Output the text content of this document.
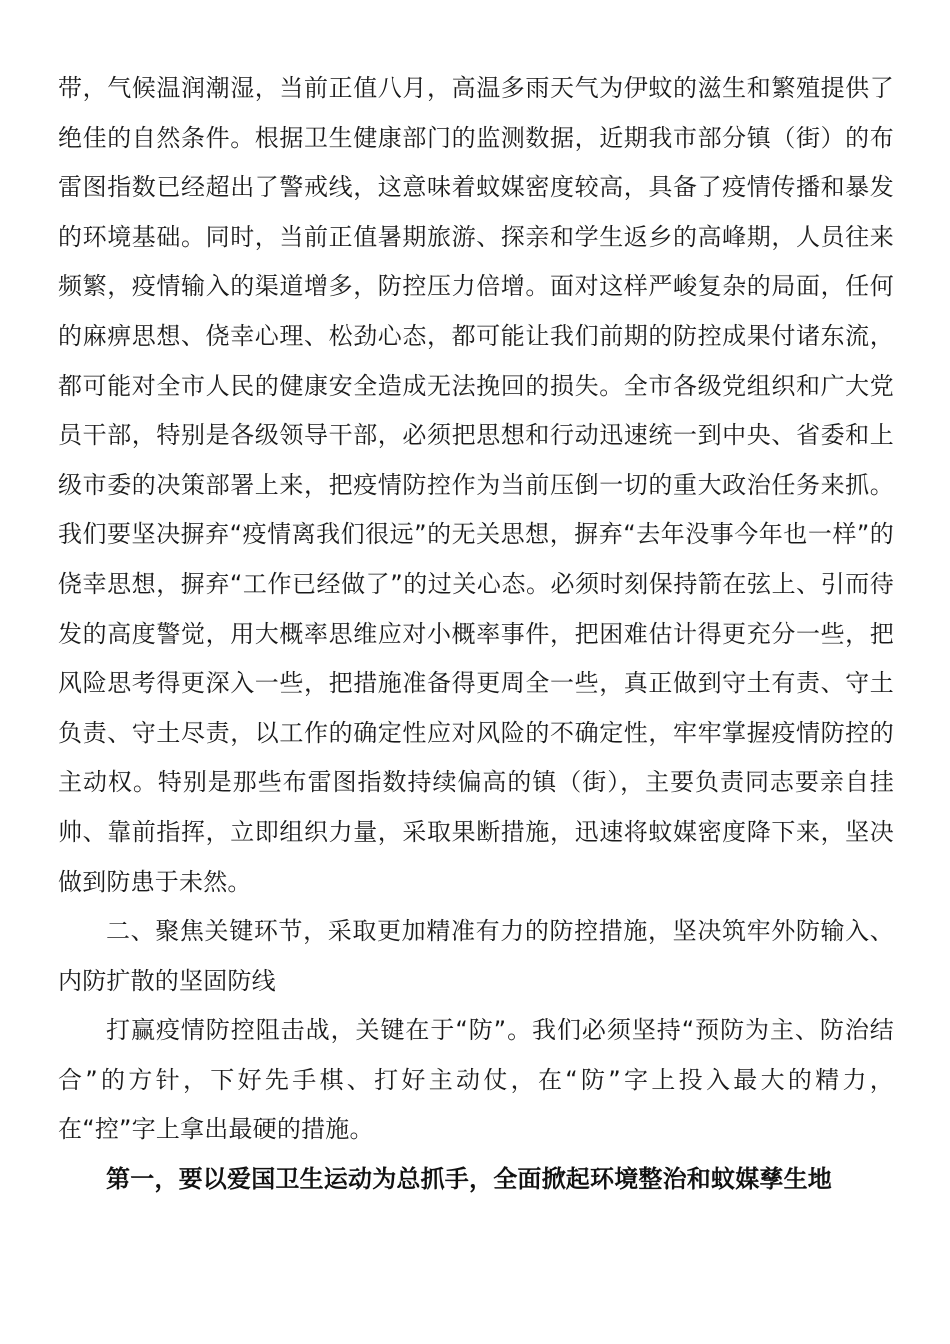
带，气候温润潮湿，当前正值八月，高温多雨天气为伊蚊的滋生和繁殖提供了绝佳的自然条件。根据卫生健康部门的监测数据，近期我市部分镇（街）的布雷图指数已经超出了警戒线，这意味着蚊媒密度较高，具备了疫情传播和暴发的环境基础。同时，当前正值暑期旅游、探亲和学生返乡的高峰期，人员往来频繁，疫情输入的渠道增多，防控压力倍增。面对这样严峻复杂的局面，任何的麻痹思想、侥幸心理、松劲心态，都可能让我们前期的防控成果付诸东流，都可能对全市人民的健康安全造成无法挽回的损失。全市各级党组织和广大党员干部，特别是各级领导干部，必须把思想和行动迅速统一到中央、省委和上级市委的决策部署上来，把疫情防控作为当前压倒一切的重大政治任务来抓。我们要坚决摒弃“疫情离我们很远”的无关思想，摒弃“去年没事今年也一样”的侥幸思想，摒弃“工作已经做了”的过关心态。必须时刻保持箭在弦上、引而待发的高度警觉，用大概率思维应对小概率事件，把困难估计得更充分一些，把风险思考得更深入一些，把措施准备得更周全一些，真正做到守土有责、守土负责、守土尽责，以工作的确定性应对风险的不确定性，牢牢掌握疫情防控的主动权。特别是那些布雷图指数持续偏高的镇（街），主要负责同志要亲自挂帅、靠前指挥，立即组织力量，采取果断措施，迅速将蚊媒密度降下来，坚决做到防患于未然。

二、聚焦关键环节，采取更加精准有力的防控措施，坚决筑牢外防输入、内防扩散的坚固防线

打赢疫情防控阻击战，关键在于“防”。我们必须坚持“预防为主、防治结合”的方针，下好先手棋、打好主动仗，在“防”字上投入最大的精力，在“控”字上拿出最硬的措施。

第一，要以爱国卫生运动为总抓手，全面掀起环境整治和蚊媒孳生地
